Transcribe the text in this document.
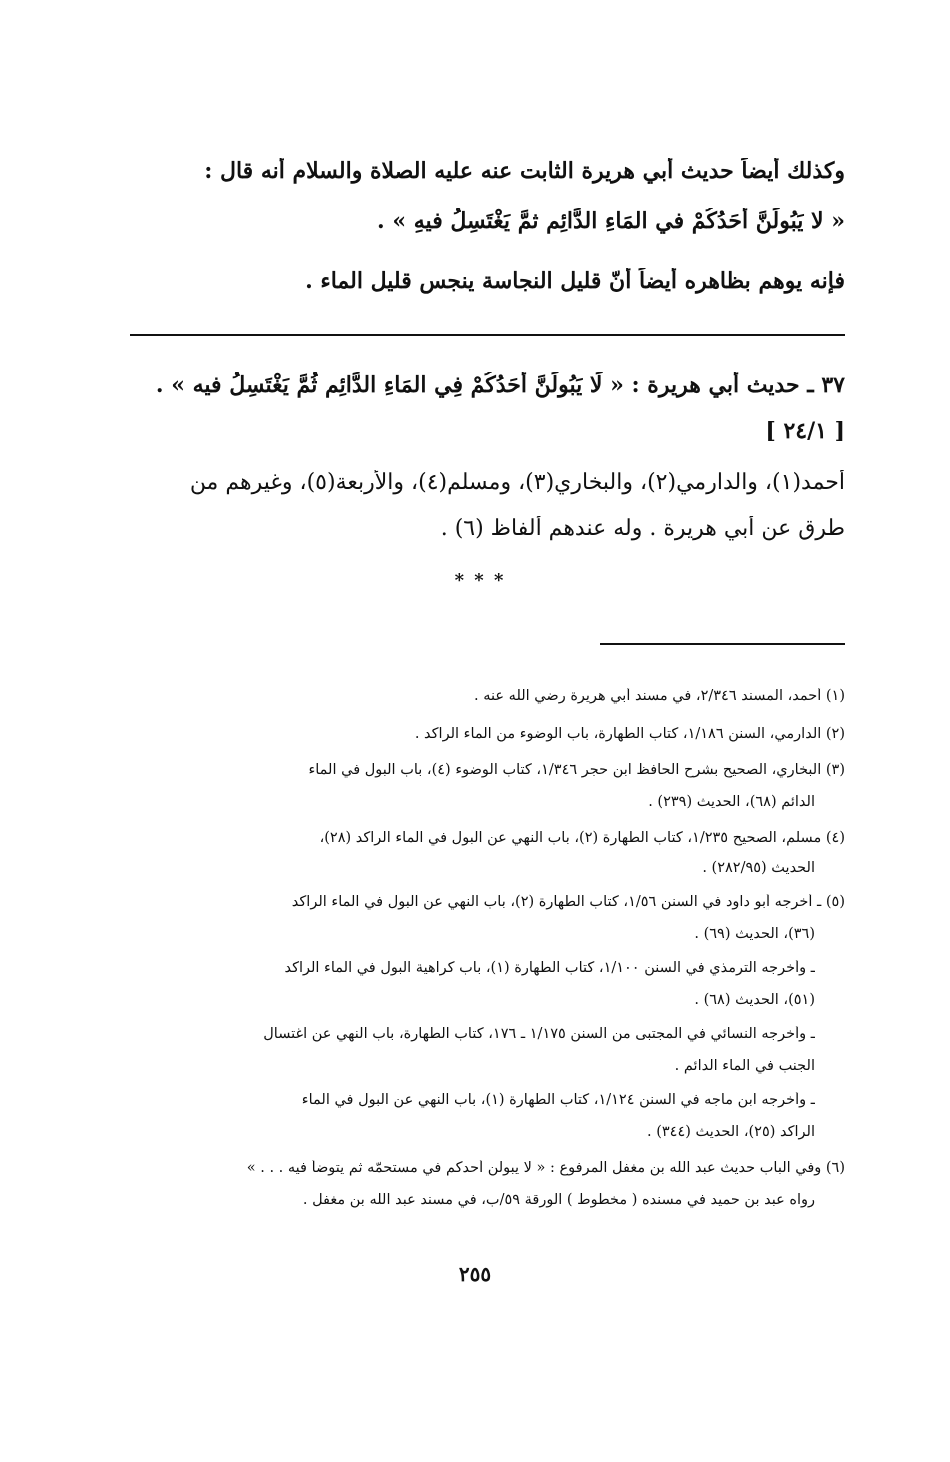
وكذلك أيضاً حديث أبي هريرة الثابت عنه عليه الصلاة والسلام أنه قال :
« لا يَبُولَنَّ أَحَدُكُمْ في المَاءِ الدَّائِمِ ثمَّ يَغْتَسِلُ فيهِ » .
فإنه يوهم بظاهره أيضاً أنّ قليل النجاسة ينجس قليل الماء .
٣٧ ـ حديث أبي هريرة : « لَا يَبُولَنَّ أَحَدُكُمْ فِي المَاءِ الدَّائِمِ ثُمَّ يَغْتَسِلُ فيه » .
[ ٢٤/١ ]
أحمد(١)، والدارمي(٢)، والبخاري(٣)، ومسلم(٤)، والأربعة(٥)، وغيرهم من
طرق عن أبي هريرة . وله عندهم ألفاظ (٦) .
* * *
(١) أحمد، المسند ٢/٣٤٦، في مسند أبي هريرة رضي الله عنه .
(٢) الدارمي، السنن ١/١٨٦، كتاب الطهارة، باب الوضوء من الماء الراكد .
(٣) البخاري، الصحيح بشرح الحافظ ابن حجر ١/٣٤٦، كتاب الوضوء (٤)، باب البول في الماء
الدائم (٦٨)، الحديث (٢٣٩) .
(٤) مسلم، الصحيح ١/٢٣٥، كتاب الطهارة (٢)، باب النهي عن البول في الماء الراكد (٢٨)،
الحديث (٢٨٢/٩٥) .
(٥) ـ أخرجه أبو داود في السنن ١/٥٦، كتاب الطهارة (٢)، باب النهي عن البول في الماء الراكد
(٣٦)، الحديث (٦٩) .
ـ وأخرجه الترمذي في السنن ١/١٠٠، كتاب الطهارة (١)، باب كراهية البول في الماء الراكد
(٥١)، الحديث (٦٨) .
ـ وأخرجه النسائي في المجتبى من السنن ١/١٧٥ ـ ١٧٦، كتاب الطهارة، باب النهي عن اغتسال
الجنب في الماء الدائم .
ـ وأخرجه ابن ماجه في السنن ١/١٢٤، كتاب الطهارة (١)، باب النهي عن البول في الماء
الراكد (٢٥)، الحديث (٣٤٤) .
(٦) وفي الباب حديث عبد الله بن مغفل المرفوع : « لا يبولن أحدكم في مستحمّه ثم يتوضأ فيه . . . »
رواه عبد بن حميد في مسنده ( مخطوط ) الورقة ٥٩/ب، في مسند عبد الله بن مغفل .
٢٥٥
